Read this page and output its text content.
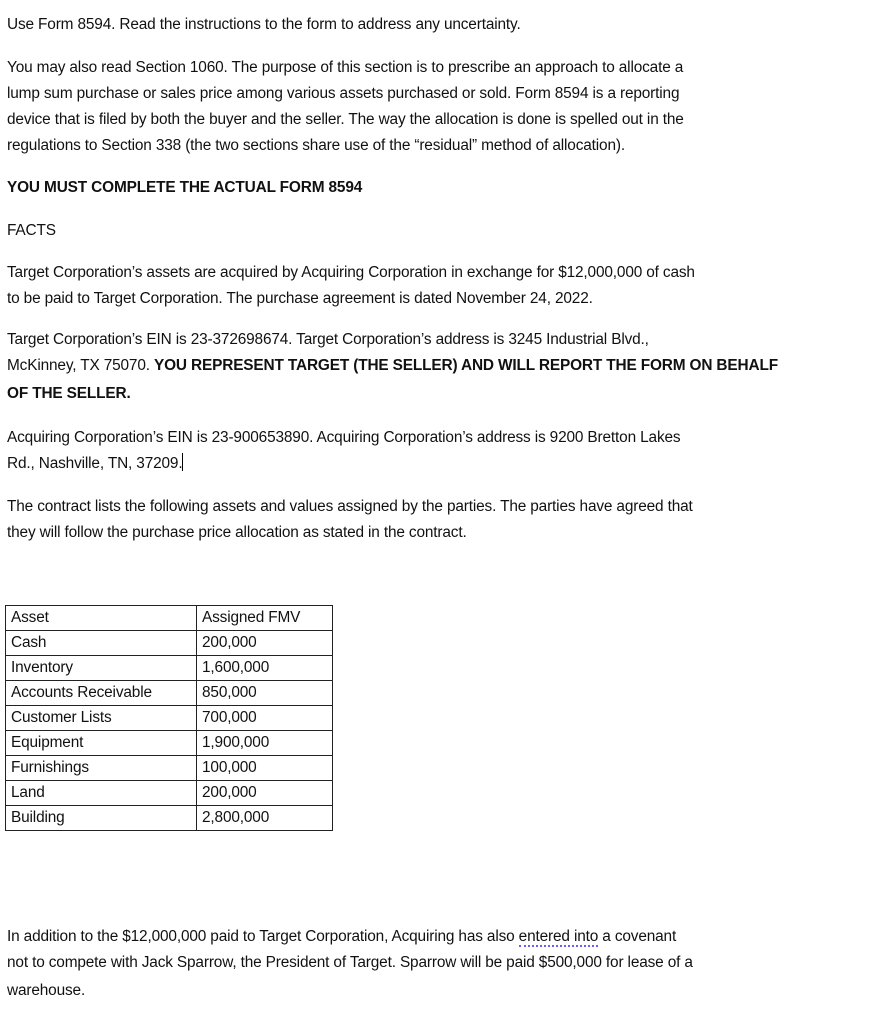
Use Form 8594. Read the instructions to the form to address any uncertainty.
You may also read Section 1060. The purpose of this section is to prescribe an approach to allocate a
lump sum purchase or sales price among various assets purchased or sold. Form 8594 is a reporting
device that is filed by both the buyer and the seller. The way the allocation is done is spelled out in the
regulations to Section 338 (the two sections share use of the “residual” method of allocation).
YOU MUST COMPLETE THE ACTUAL FORM 8594
FACTS
Target Corporation’s assets are acquired by Acquiring Corporation in exchange for $12,000,000 of cash
to be paid to Target Corporation. The purchase agreement is dated November 24, 2022.
Target Corporation’s EIN is 23-372698674. Target Corporation’s address is 3245 Industrial Blvd.,
McKinney, TX 75070. YOU REPRESENT TARGET (THE SELLER) AND WILL REPORT THE FORM ON BEHALF
OF THE SELLER.
Acquiring Corporation’s EIN is 23-900653890. Acquiring Corporation’s address is 9200 Bretton Lakes
Rd., Nashville, TN, 37209.
The contract lists the following assets and values assigned by the parties. The parties have agreed that
they will follow the purchase price allocation as stated in the contract.
Asset	Assigned FMV
Cash	200,000
Inventory	1,600,000
Accounts Receivable	850,000
Customer Lists	700,000
Equipment	1,900,000
Furnishings	100,000
Land	200,000
Building	2,800,000
In addition to the $12,000,000 paid to Target Corporation, Acquiring has also entered into a covenant
not to compete with Jack Sparrow, the President of Target. Sparrow will be paid $500,000 for lease of a
warehouse.
